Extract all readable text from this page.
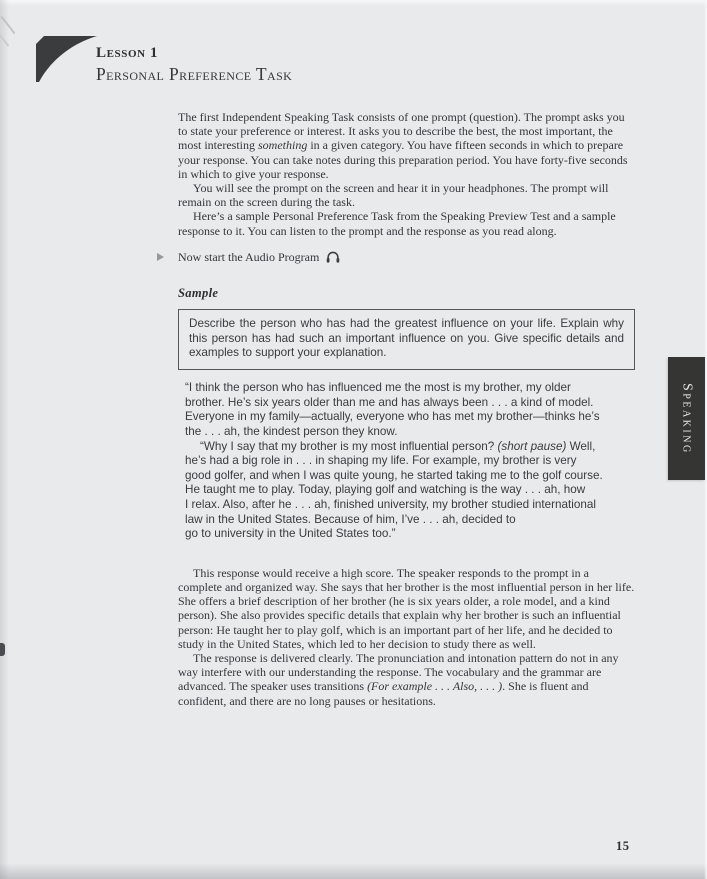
Lesson 1
Personal Preference Task

The first Independent Speaking Task consists of one prompt (question). The prompt asks you to state your preference or interest. It asks you to describe the best, the most important, the most interesting something in a given category. You have fifteen seconds in which to prepare your response. You can take notes during this preparation period. You have forty-five seconds in which to give your response.

You will see the prompt on the screen and hear it in your headphones. The prompt will remain on the screen during the task.

Here’s a sample Personal Preference Task from the Speaking Preview Test and a sample response to it. You can listen to the prompt and the response as you read along.

Now start the Audio Program
Sample
Describe the person who has had the greatest influence on your life. Explain why this person has had such an important influence on you. Give specific details and examples to support your explanation.
“I think the person who has influenced me the most is my brother, my older
brother. He’s six years older than me and has always been . . . a kind of model.
Everyone in my family—actually, everyone who has met my brother—thinks he’s
the . . . ah, the kindest person they know.
“Why I say that my brother is my most influential person? (short pause) Well,
he’s had a big role in . . . in shaping my life. For example, my brother is very
good golfer, and when I was quite young, he started taking me to the golf course.
He taught me to play. Today, playing golf and watching is the way . . . ah, how
I relax. Also, after he . . . ah, finished university, my brother studied international
law in the United States. Because of him, I’ve . . . ah, decided to
go to university in the United States too.”

This response would receive a high score. The speaker responds to the prompt in a complete and organized way. She says that her brother is the most influential person in her life. She offers a brief description of her brother (he is six years older, a role model, and a kind person). She also provides specific details that explain why her brother is such an influential person: He taught her to play golf, which is an important part of her life, and he decided to study in the United States, which led to her decision to study there as well.

The response is delivered clearly. The pronunciation and intonation pattern do not in any way interfere with our understanding the response. The vocabulary and the grammar are advanced. The speaker uses transitions (For example . . . Also, . . . ). She is fluent and confident, and there are no long pauses or hesitations.

Speaking
15
